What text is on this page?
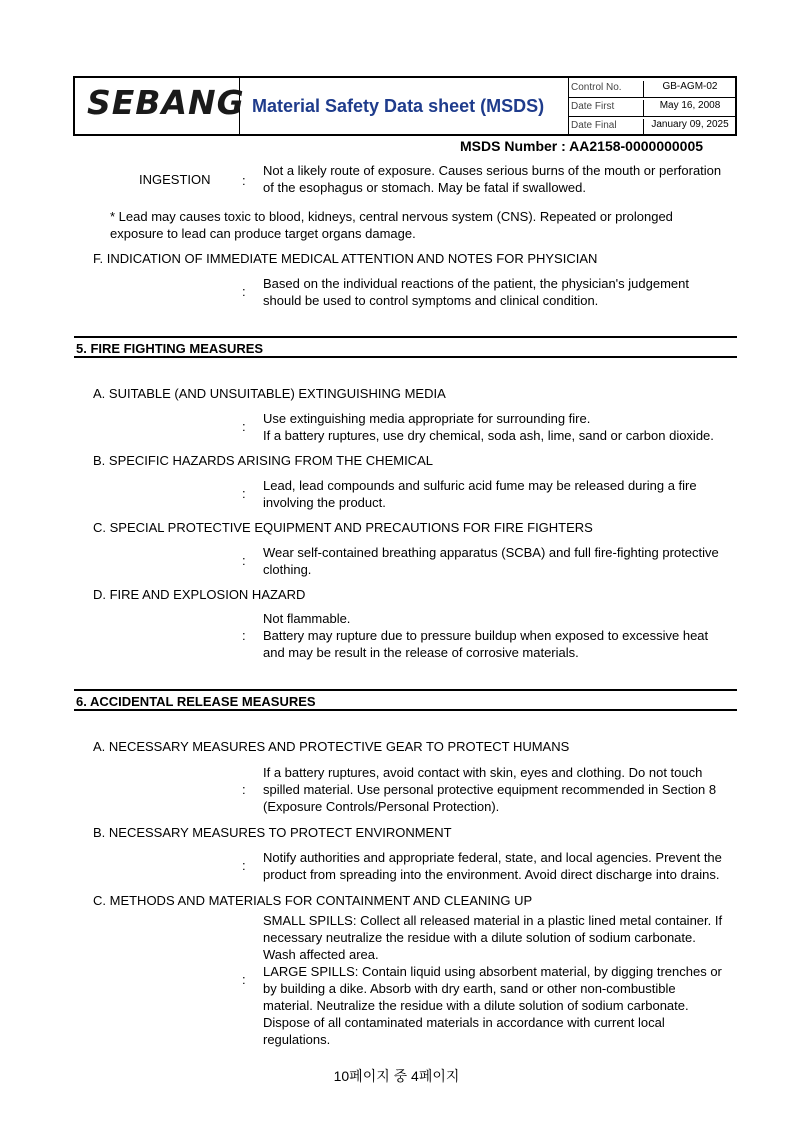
SEBANG Material Safety Data sheet (MSDS)
Control No.	GB-AGM-02
Date First	May 16, 2008
Date Final	January 09, 2025
MSDS Number : AA2158-0000000005
INGESTION :
Not a likely route of exposure. Causes serious burns of the mouth or perforation
of the esophagus or stomach. May be fatal if swallowed.
* Lead may causes toxic to blood, kidneys, central nervous system (CNS). Repeated or prolonged
exposure to lead can produce target organs damage.
F. INDICATION OF IMMEDIATE MEDICAL ATTENTION AND NOTES FOR PHYSICIAN
:
Based on the individual reactions of the patient, the physician's judgement
should be used to control symptoms and clinical condition.
5. FIRE FIGHTING MEASURES
A. SUITABLE (AND UNSUITABLE) EXTINGUISHING MEDIA
:
Use extinguishing media appropriate for surrounding fire.
If a battery ruptures, use dry chemical, soda ash, lime, sand or carbon dioxide.
B. SPECIFIC HAZARDS ARISING FROM THE CHEMICAL
:
Lead, lead compounds and sulfuric acid fume may be released during a fire
involving the product.
C. SPECIAL PROTECTIVE EQUIPMENT AND PRECAUTIONS FOR FIRE FIGHTERS
:
Wear self-contained breathing apparatus (SCBA) and full fire-fighting protective
clothing.
D. FIRE AND EXPLOSION HAZARD
:
Not flammable.
Battery may rupture due to pressure buildup when exposed to excessive heat
and may be result in the release of corrosive materials.
6. ACCIDENTAL RELEASE MEASURES
A. NECESSARY MEASURES AND PROTECTIVE GEAR TO PROTECT HUMANS
:
If a battery ruptures, avoid contact with skin, eyes and clothing. Do not touch
spilled material. Use personal protective equipment recommended in Section 8
(Exposure Controls/Personal Protection).
B. NECESSARY MEASURES TO PROTECT ENVIRONMENT
:
Notify authorities and appropriate federal, state, and local agencies. Prevent the
product from spreading into the environment. Avoid direct discharge into drains.
C. METHODS AND MATERIALS FOR CONTAINMENT AND CLEANING UP
:
SMALL SPILLS: Collect all released material in a plastic lined metal container. If
necessary neutralize the residue with a dilute solution of sodium carbonate.
Wash affected area.
LARGE SPILLS: Contain liquid using absorbent material, by digging trenches or
by building a dike. Absorb with dry earth, sand or other non-combustible
material. Neutralize the residue with a dilute solution of sodium carbonate.
Dispose of all contaminated materials in accordance with current local
regulations.
10페이지 중 4페이지
